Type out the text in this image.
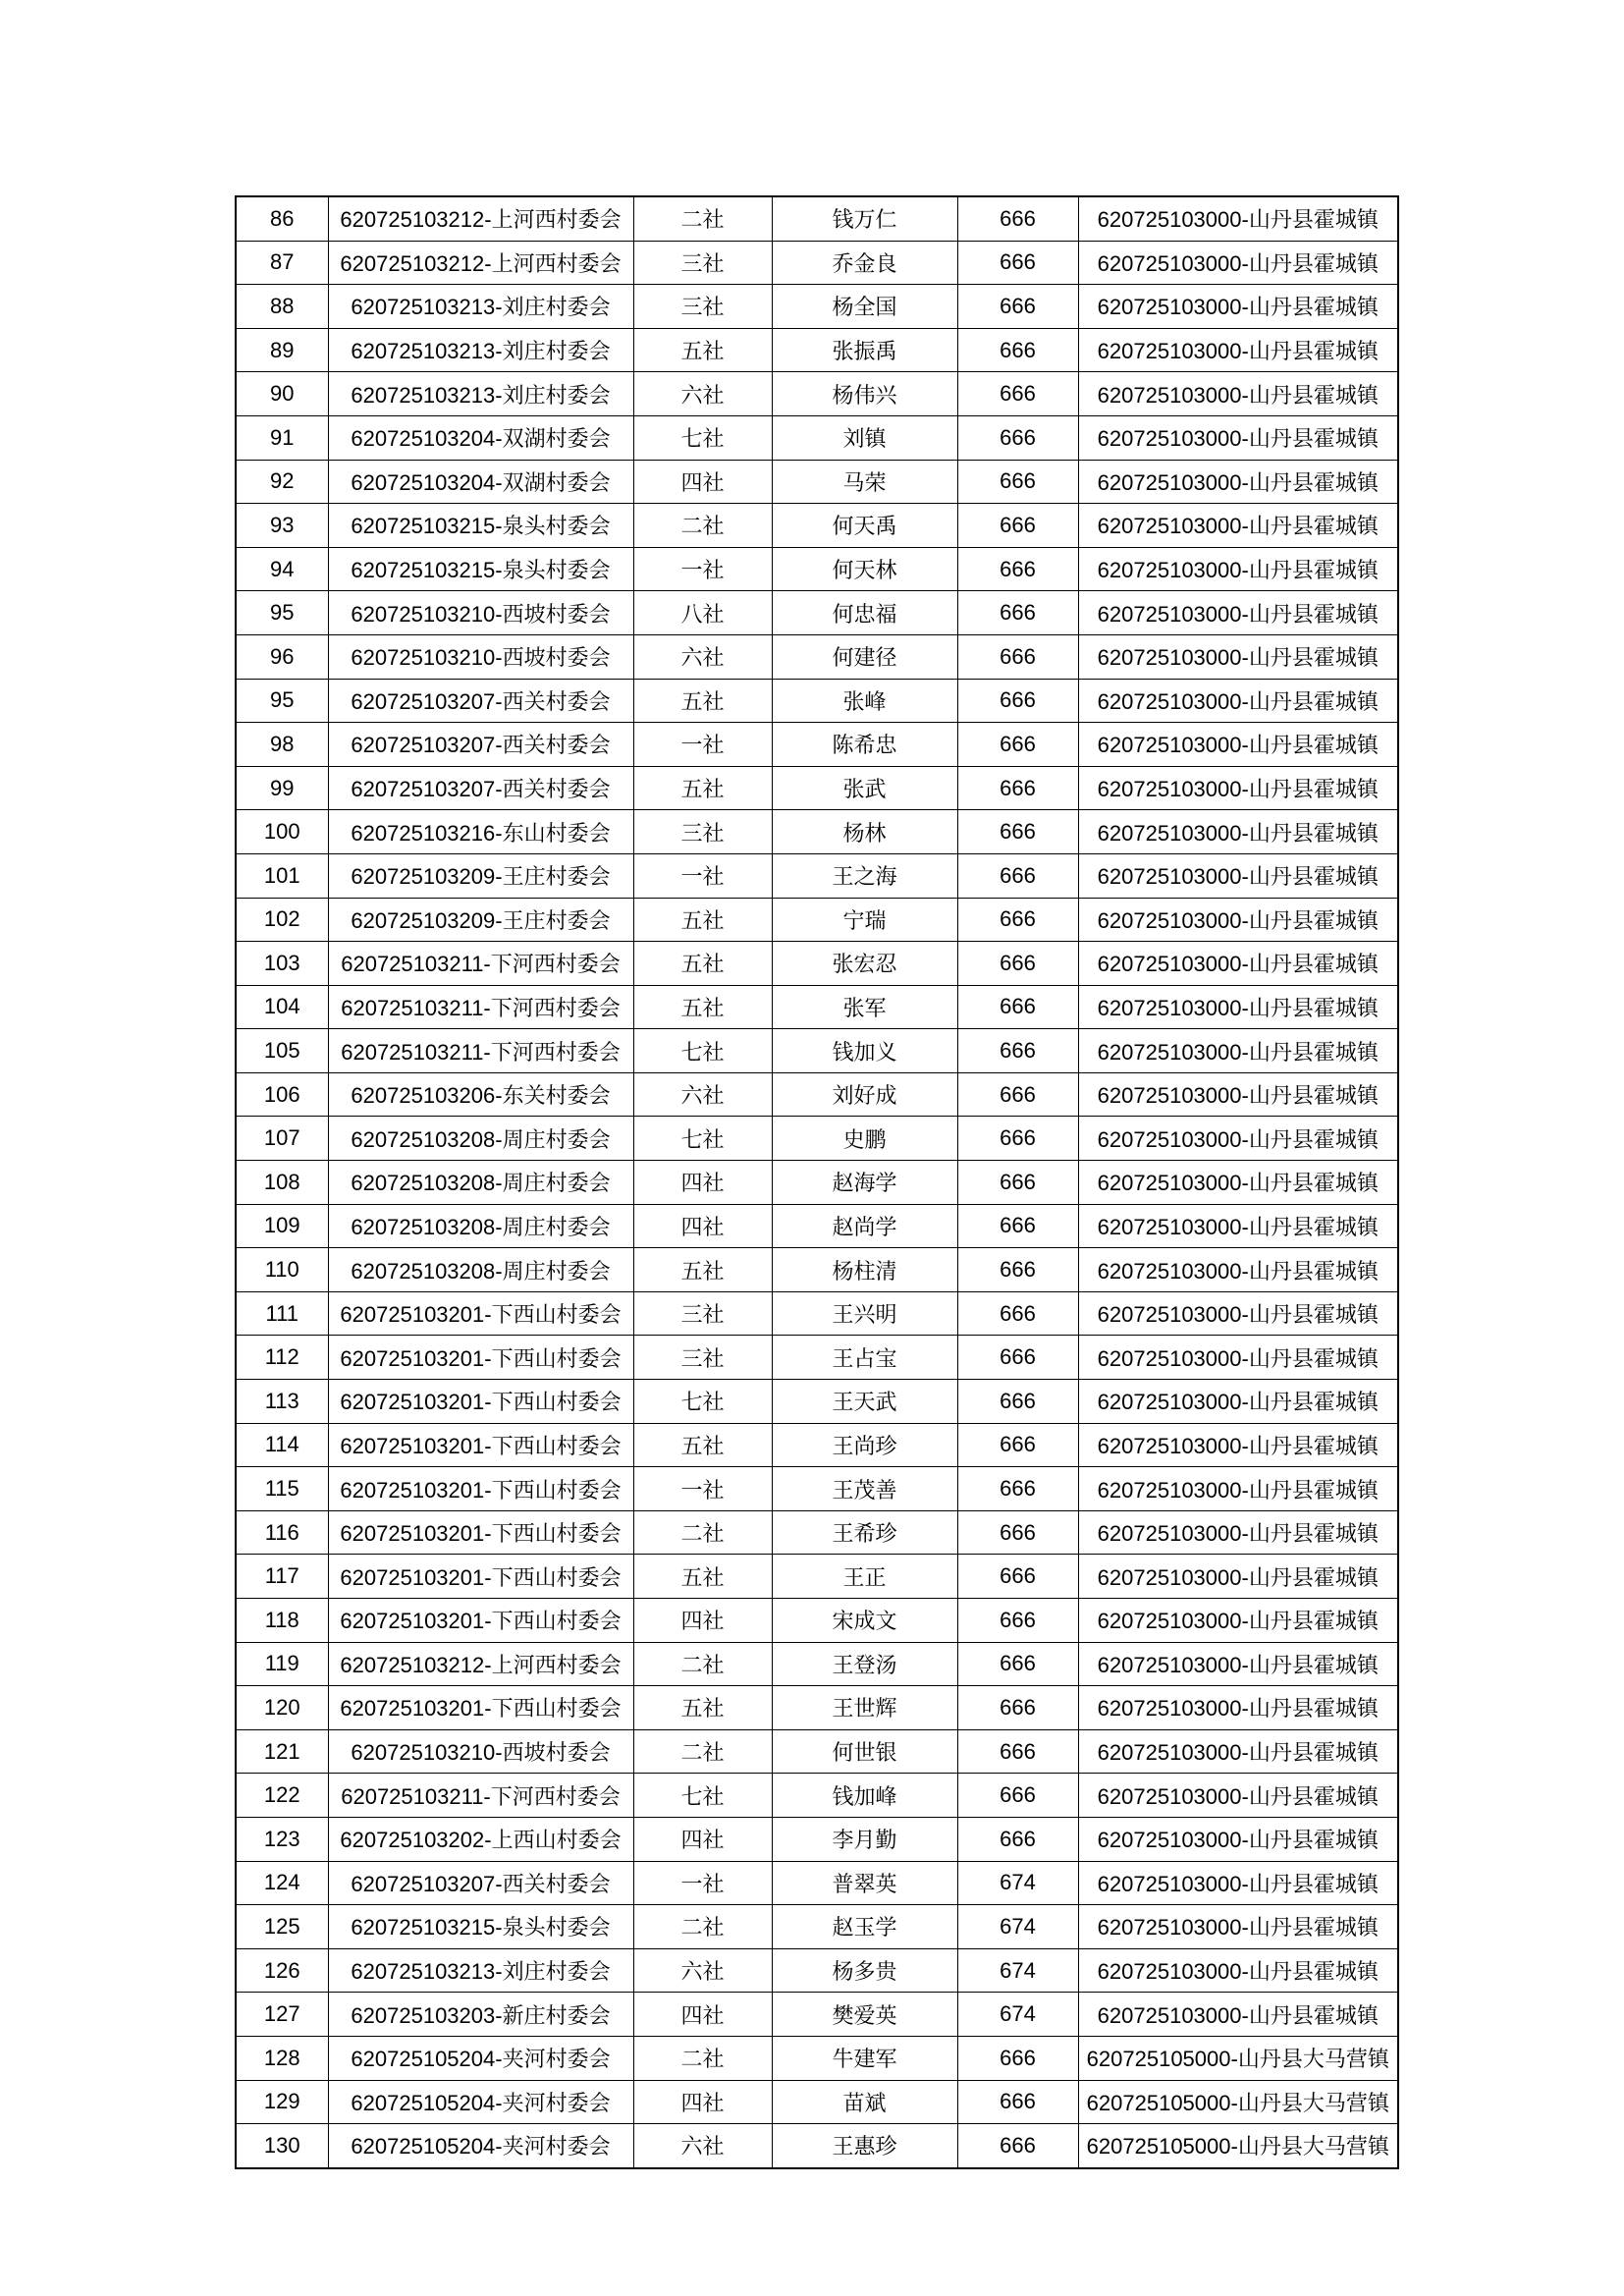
86	620725103212-上河西村委会	二社	钱万仁	666	620725103000-山丹县霍城镇
87	620725103212-上河西村委会	三社	乔金良	666	620725103000-山丹县霍城镇
88	620725103213-刘庄村委会	三社	杨全国	666	620725103000-山丹县霍城镇
89	620725103213-刘庄村委会	五社	张振禹	666	620725103000-山丹县霍城镇
90	620725103213-刘庄村委会	六社	杨伟兴	666	620725103000-山丹县霍城镇
91	620725103204-双湖村委会	七社	刘镇	666	620725103000-山丹县霍城镇
92	620725103204-双湖村委会	四社	马荣	666	620725103000-山丹县霍城镇
93	620725103215-泉头村委会	二社	何天禹	666	620725103000-山丹县霍城镇
94	620725103215-泉头村委会	一社	何天林	666	620725103000-山丹县霍城镇
95	620725103210-西坡村委会	八社	何忠福	666	620725103000-山丹县霍城镇
96	620725103210-西坡村委会	六社	何建径	666	620725103000-山丹县霍城镇
95	620725103207-西关村委会	五社	张峰	666	620725103000-山丹县霍城镇
98	620725103207-西关村委会	一社	陈希忠	666	620725103000-山丹县霍城镇
99	620725103207-西关村委会	五社	张武	666	620725103000-山丹县霍城镇
100	620725103216-东山村委会	三社	杨林	666	620725103000-山丹县霍城镇
101	620725103209-王庄村委会	一社	王之海	666	620725103000-山丹县霍城镇
102	620725103209-王庄村委会	五社	宁瑞	666	620725103000-山丹县霍城镇
103	620725103211-下河西村委会	五社	张宏忍	666	620725103000-山丹县霍城镇
104	620725103211-下河西村委会	五社	张军	666	620725103000-山丹县霍城镇
105	620725103211-下河西村委会	七社	钱加义	666	620725103000-山丹县霍城镇
106	620725103206-东关村委会	六社	刘好成	666	620725103000-山丹县霍城镇
107	620725103208-周庄村委会	七社	史鹏	666	620725103000-山丹县霍城镇
108	620725103208-周庄村委会	四社	赵海学	666	620725103000-山丹县霍城镇
109	620725103208-周庄村委会	四社	赵尚学	666	620725103000-山丹县霍城镇
110	620725103208-周庄村委会	五社	杨柱清	666	620725103000-山丹县霍城镇
111	620725103201-下西山村委会	三社	王兴明	666	620725103000-山丹县霍城镇
112	620725103201-下西山村委会	三社	王占宝	666	620725103000-山丹县霍城镇
113	620725103201-下西山村委会	七社	王天武	666	620725103000-山丹县霍城镇
114	620725103201-下西山村委会	五社	王尚珍	666	620725103000-山丹县霍城镇
115	620725103201-下西山村委会	一社	王茂善	666	620725103000-山丹县霍城镇
116	620725103201-下西山村委会	二社	王希珍	666	620725103000-山丹县霍城镇
117	620725103201-下西山村委会	五社	王正	666	620725103000-山丹县霍城镇
118	620725103201-下西山村委会	四社	宋成文	666	620725103000-山丹县霍城镇
119	620725103212-上河西村委会	二社	王登汤	666	620725103000-山丹县霍城镇
120	620725103201-下西山村委会	五社	王世辉	666	620725103000-山丹县霍城镇
121	620725103210-西坡村委会	二社	何世银	666	620725103000-山丹县霍城镇
122	620725103211-下河西村委会	七社	钱加峰	666	620725103000-山丹县霍城镇
123	620725103202-上西山村委会	四社	李月勤	666	620725103000-山丹县霍城镇
124	620725103207-西关村委会	一社	普翠英	674	620725103000-山丹县霍城镇
125	620725103215-泉头村委会	二社	赵玉学	674	620725103000-山丹县霍城镇
126	620725103213-刘庄村委会	六社	杨多贵	674	620725103000-山丹县霍城镇
127	620725103203-新庄村委会	四社	樊爱英	674	620725103000-山丹县霍城镇
128	620725105204-夹河村委会	二社	牛建军	666	620725105000-山丹县大马营镇
129	620725105204-夹河村委会	四社	苗斌	666	620725105000-山丹县大马营镇
130	620725105204-夹河村委会	六社	王惠珍	666	620725105000-山丹县大马营镇
